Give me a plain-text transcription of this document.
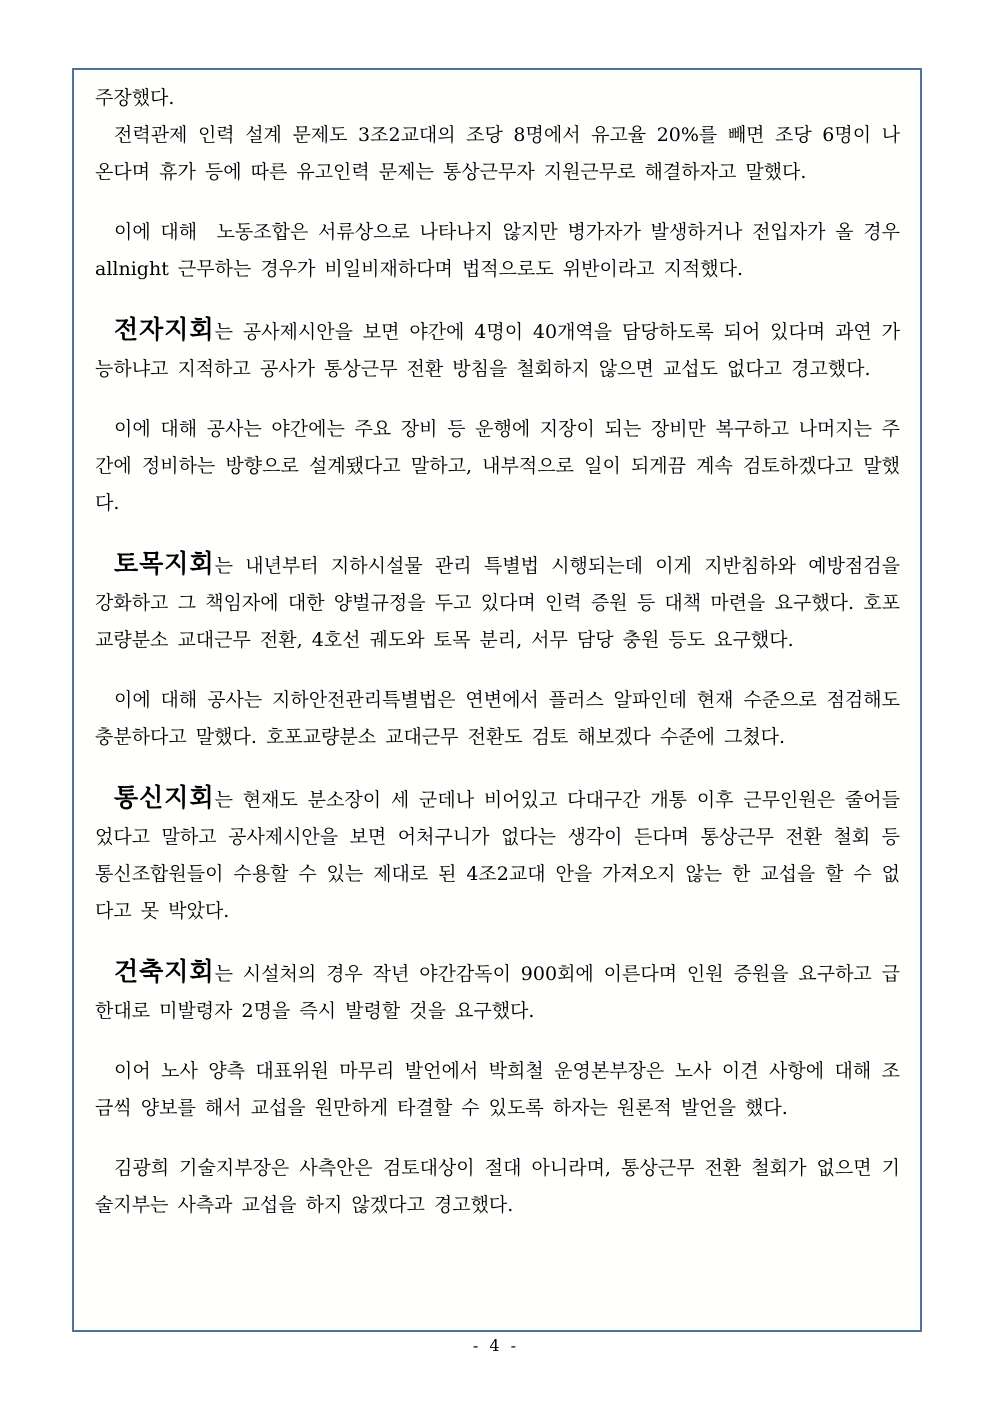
주장했다.

전력관제 인력 설계 문제도 3조2교대의 조당 8명에서 유고율 20%를 빼면 조당 6명이 나온다며 휴가 등에 따른 유고인력 문제는 통상근무자 지원근무로 해결하자고 말했다.

이에 대해  노동조합은 서류상으로 나타나지 않지만 병가자가 발생하거나 전입자가 올 경우 allnight 근무하는 경우가 비일비재하다며 법적으로도 위반이라고 지적했다.

전자지회는 공사제시안을 보면 야간에 4명이 40개역을 담당하도록 되어 있다며 과연 가능하냐고 지적하고 공사가 통상근무 전환 방침을 철회하지 않으면 교섭도 없다고 경고했다.

이에 대해 공사는 야간에는 주요 장비 등 운행에 지장이 되는 장비만 복구하고 나머지는 주간에 정비하는 방향으로 설계됐다고 말하고, 내부적으로 일이 되게끔 계속 검토하겠다고 말했다.

토목지회는 내년부터 지하시설물 관리 특별법 시행되는데 이게 지반침하와 예방점검을 강화하고 그 책임자에 대한 양벌규정을 두고 있다며 인력 증원 등 대책 마련을 요구했다. 호포교량분소 교대근무 전환, 4호선 궤도와 토목 분리, 서무 담당 충원 등도 요구했다.

이에 대해 공사는 지하안전관리특별법은 연변에서 플러스 알파인데 현재 수준으로 점검해도 충분하다고 말했다. 호포교량분소 교대근무 전환도 검토 해보겠다 수준에 그쳤다.

통신지회는 현재도 분소장이 세 군데나 비어있고 다대구간 개통 이후 근무인원은 줄어들었다고 말하고 공사제시안을 보면 어처구니가 없다는 생각이 든다며 통상근무 전환 철회 등 통신조합원들이 수용할 수 있는 제대로 된 4조2교대 안을 가져오지 않는 한 교섭을 할 수 없다고 못 박았다.

건축지회는 시설처의 경우 작년 야간감독이 900회에 이른다며 인원 증원을 요구하고 급한대로 미발령자 2명을 즉시 발령할 것을 요구했다.

이어 노사 양측 대표위원 마무리 발언에서 박희철 운영본부장은 노사 이견 사항에 대해 조금씩 양보를 해서 교섭을 원만하게 타결할 수 있도록 하자는 원론적 발언을 했다.

김광희 기술지부장은 사측안은 검토대상이 절대 아니라며, 통상근무 전환 철회가 없으면 기술지부는 사측과 교섭을 하지 않겠다고 경고했다.

- 4 -
